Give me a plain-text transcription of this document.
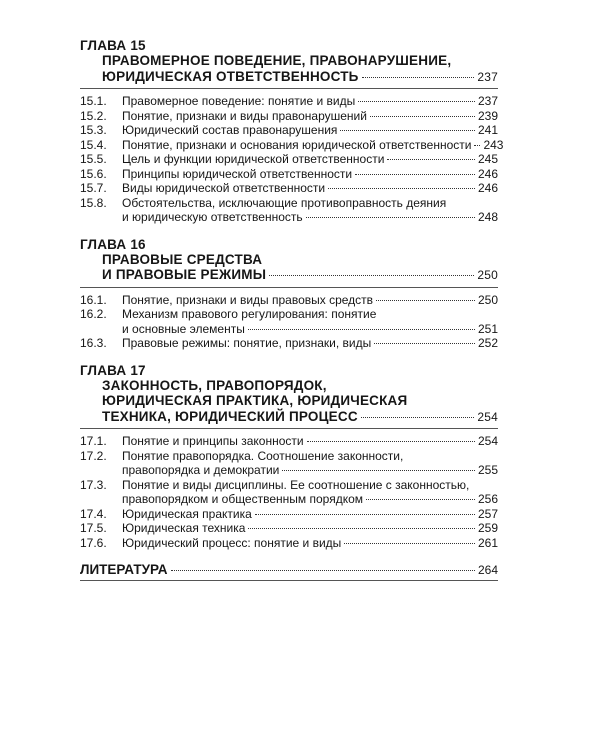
ГЛАВА 15
ПРАВОМЕРНОЕ ПОВЕДЕНИЕ, ПРАВОНАРУШЕНИЕ,
ЮРИДИЧЕСКАЯ ОТВЕТСТВЕННОСТЬ	237
15.1.	Правомерное поведение: понятие и виды	237
15.2.	Понятие, признаки и виды правонарушений	239
15.3.	Юридический состав правонарушения	241
15.4.	Понятие, признаки и основания юридической ответственности 243
15.5.	Цель и функции юридической ответственности	245
15.6.	Принципы юридической ответственности	246
15.7.	Виды юридической ответственности	246
15.8.	Обстоятельства, исключающие противоправность деяния
и юридическую ответственность	248
ГЛАВА 16
ПРАВОВЫЕ СРЕДСТВА
И ПРАВОВЫЕ РЕЖИМЫ	250
16.1.	Понятие, признаки и виды правовых средств	250
16.2.	Механизм правового регулирования: понятие
и основные элементы	251
16.3.	Правовые режимы: понятие, признаки, виды	252
ГЛАВА 17
ЗАКОННОСТЬ, ПРАВОПОРЯДОК,
ЮРИДИЧЕСКАЯ ПРАКТИКА, ЮРИДИЧЕСКАЯ
ТЕХНИКА, ЮРИДИЧЕСКИЙ ПРОЦЕСС	254
17.1.	Понятие и принципы законности	254
17.2.	Понятие правопорядка. Соотношение законности,
правопорядка и демократии	255
17.3.	Понятие и виды дисциплины. Ее соотношение с законностью,
правопорядком и общественным порядком	256
17.4.	Юридическая практика	257
17.5.	Юридическая техника	259
17.6.	Юридический процесс: понятие и виды	261
ЛИТЕРАТУРА	264
